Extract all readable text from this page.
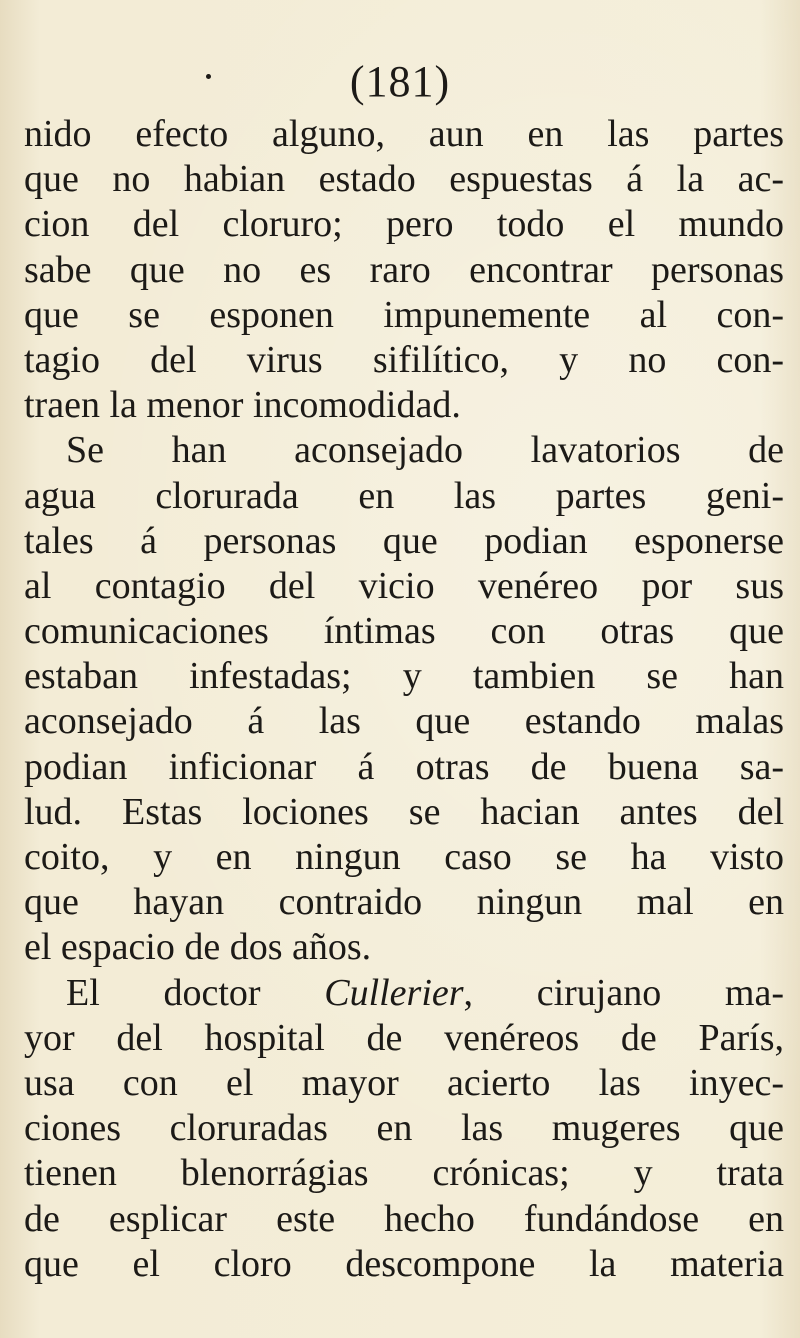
(181)
nido efecto alguno, aun en las partes
que no habian estado espuestas á la ac-
cion del cloruro; pero todo el mundo
sabe que no es raro encontrar personas
que se esponen impunemente al con-
tagio del virus sifilítico, y no con-
traen la menor incomodidad.
Se han aconsejado lavatorios de
agua clorurada en las partes geni-
tales á personas que podian esponerse
al contagio del vicio venéreo por sus
comunicaciones íntimas con otras que
estaban infestadas; y tambien se han
aconsejado á las que estando malas
podian inficionar á otras de buena sa-
lud. Estas lociones se hacian antes del
coito, y en ningun caso se ha visto
que hayan contraido ningun mal en
el espacio de dos años.
El doctor Cullerier, cirujano ma-
yor del hospital de venéreos de París,
usa con el mayor acierto las inyec-
ciones cloruradas en las mugeres que
tienen blenorrágias crónicas; y trata
de esplicar este hecho fundándose en
que el cloro descompone la materia
